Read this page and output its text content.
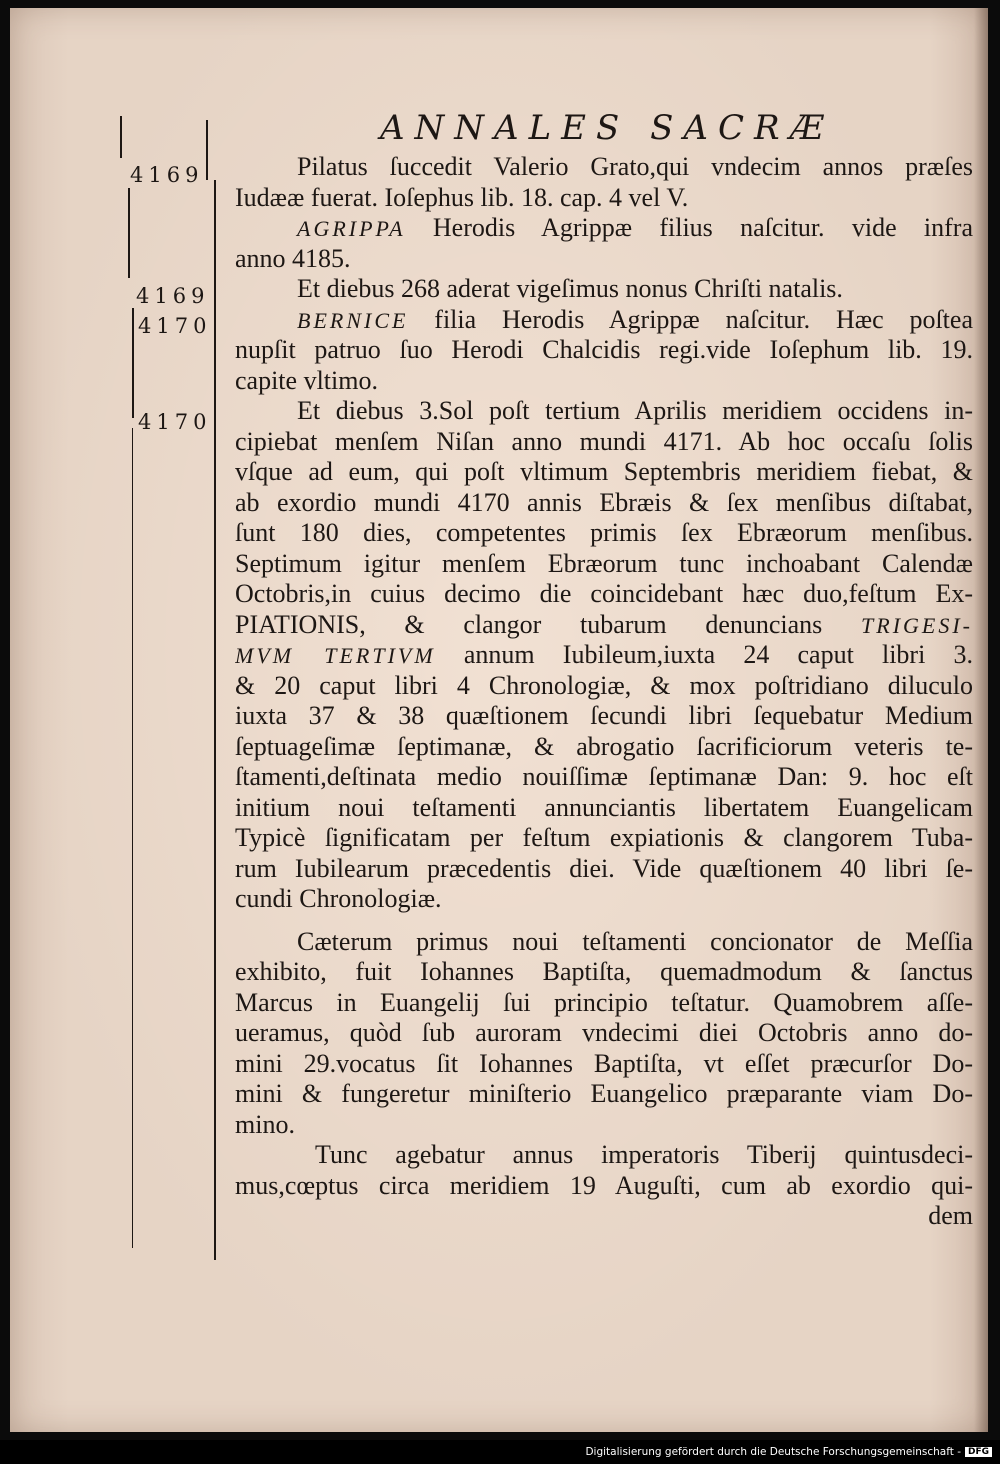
ANNALES SACRÆ
4169
4169
4170
4170
Pilatus ſuccedit Valerio Grato,qui vndecim annos præſes
Iudææ fuerat. Ioſephus lib. 18. cap. 4 vel V.
AGRIPPA Herodis Agrippæ filius naſcitur. vide infra
anno 4185.
Et diebus 268 aderat vigeſimus nonus Chriſti natalis.
BERNICE filia Herodis Agrippæ naſcitur. Hæc poſtea
nupſit patruo ſuo Herodi Chalcidis regi.vide Ioſephum lib. 19.
capite vltimo.
Et diebus 3.Sol poſt tertium Aprilis meridiem occidens in-
cipiebat menſem Niſan anno mundi 4171. Ab hoc occaſu ſolis
vſque ad eum, qui poſt vltimum Septembris meridiem fiebat, &
ab exordio mundi 4170 annis Ebræis & ſex menſibus diſtabat,
ſunt 180 dies, competentes primis ſex Ebræorum menſibus.
Septimum igitur menſem Ebræorum tunc inchoabant Calendæ
Octobris,in cuius decimo die coincidebant hæc duo,feſtum Ex-
PIATIONIS, & clangor tubarum denuncians TRIGESI-
MVM TERTIVM annum Iubileum,iuxta 24 caput libri 3.
& 20 caput libri 4 Chronologiæ, & mox poſtridiano diluculo
iuxta 37 & 38 quæſtionem ſecundi libri ſequebatur Medium
ſeptuageſimæ ſeptimanæ, & abrogatio ſacrificiorum veteris te-
ſtamenti,deſtinata medio nouiſſimæ ſeptimanæ Dan: 9. hoc eſt
initium noui teſtamenti annunciantis libertatem Euangelicam
Typicè ſignificatam per feſtum expiationis & clangorem Tuba-
rum Iubilearum præcedentis diei. Vide quæſtionem 40 libri ſe-
cundi Chronologiæ.
Cæterum primus noui teſtamenti concionator de Meſſia
exhibito, fuit Iohannes Baptiſta, quemadmodum & ſanctus
Marcus in Euangelij ſui principio teſtatur. Quamobrem aſſe-
ueramus, quòd ſub auroram vndecimi diei Octobris anno do-
mini 29.vocatus ſit Iohannes Baptiſta, vt eſſet præcurſor Do-
mini & fungeretur miniſterio Euangelico præparante viam Do-
mino.
Tunc agebatur annus imperatoris Tiberij quintusdeci-
mus,cœptus circa meridiem 19 Auguſti, cum ab exordio qui-
dem
Digitalisierung gefördert durch die Deutsche Forschungsgemeinschaft - DFG
